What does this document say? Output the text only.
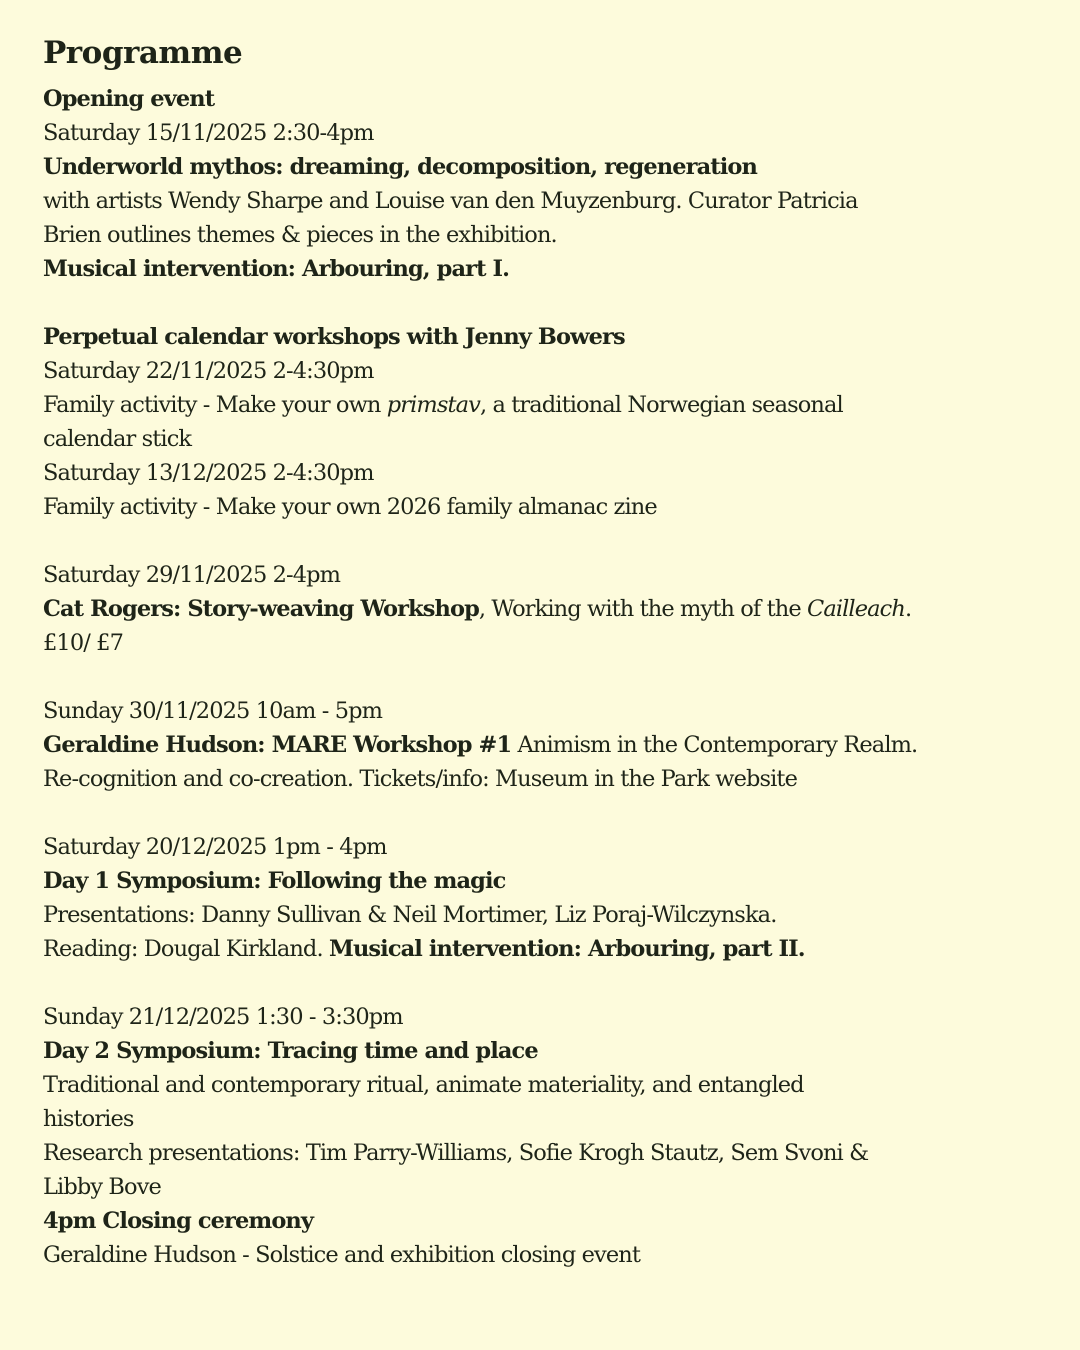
Programme
Opening event
Saturday 15/11/2025 2:30-4pm
Underworld mythos: dreaming, decomposition, regeneration
with artists Wendy Sharpe and Louise van den Muyzenburg. Curator Patricia
Brien outlines themes & pieces in the exhibition.
Musical intervention: Arbouring, part I.
Perpetual calendar workshops with Jenny Bowers
Saturday 22/11/2025 2-4:30pm
Family activity - Make your own primstav, a traditional Norwegian seasonal
calendar stick
Saturday 13/12/2025 2-4:30pm
Family activity - Make your own 2026 family almanac zine
Saturday 29/11/2025 2-4pm
Cat Rogers: Story-weaving Workshop, Working with the myth of the Cailleach.
£10/ £7
Sunday 30/11/2025 10am - 5pm
Geraldine Hudson: MARE Workshop #1 Animism in the Contemporary Realm.
Re-cognition and co-creation. Tickets/info: Museum in the Park website
Saturday 20/12/2025 1pm - 4pm
Day 1 Symposium: Following the magic
Presentations: Danny Sullivan & Neil Mortimer, Liz Poraj-Wilczynska.
Reading: Dougal Kirkland. Musical intervention: Arbouring, part II.
Sunday 21/12/2025 1:30 - 3:30pm
Day 2 Symposium: Tracing time and place
Traditional and contemporary ritual, animate materiality, and entangled
histories
Research presentations: Tim Parry-Williams, Sofie Krogh Stautz, Sem Svoni &
Libby Bove
4pm Closing ceremony
Geraldine Hudson - Solstice and exhibition closing event
